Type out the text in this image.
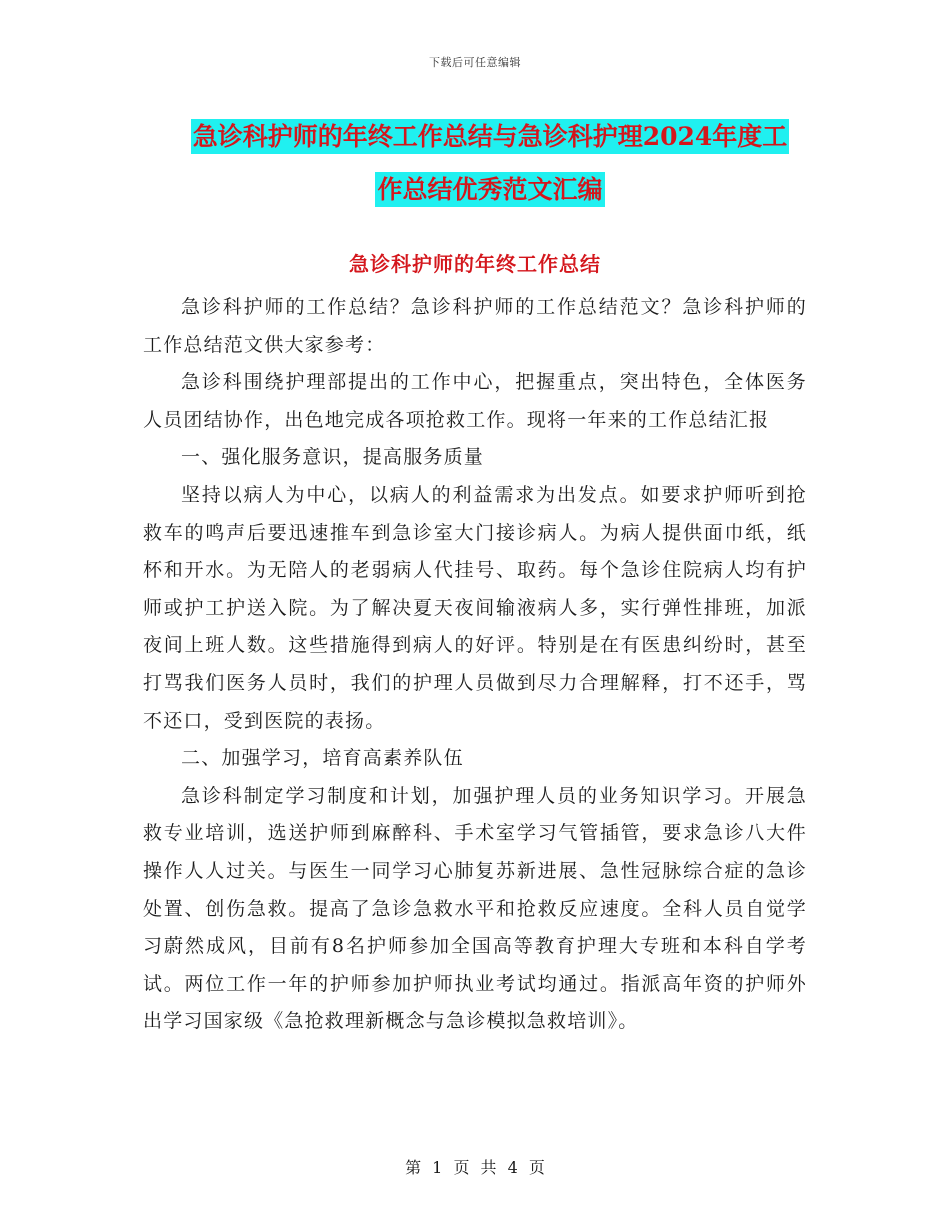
下载后可任意编辑
急诊科护师的年终工作总结与急诊科护理2024年度工
作总结优秀范文汇编
急诊科护师的年终工作总结

急诊科护师的工作总结？急诊科护师的工作总结范文？急诊科护师的工作总结范文供大家参考：

急诊科围绕护理部提出的工作中心，把握重点，突出特色，全体医务人员团结协作，出色地完成各项抢救工作。现将一年来的工作总结汇报

一、强化服务意识，提高服务质量

坚持以病人为中心，以病人的利益需求为出发点。如要求护师听到抢救车的鸣声后要迅速推车到急诊室大门接诊病人。为病人提供面巾纸，纸杯和开水。为无陪人的老弱病人代挂号、取药。每个急诊住院病人均有护师或护工护送入院。为了解决夏天夜间输液病人多，实行弹性排班，加派夜间上班人数。这些措施得到病人的好评。特别是在有医患纠纷时，甚至打骂我们医务人员时，我们的护理人员做到尽力合理解释，打不还手，骂不还口，受到医院的表扬。

二、加强学习，培育高素养队伍

急诊科制定学习制度和计划，加强护理人员的业务知识学习。开展急救专业培训，选送护师到麻醉科、手术室学习气管插管，要求急诊八大件操作人人过关。与医生一同学习心肺复苏新进展、急性冠脉综合症的急诊处置、创伤急救。提高了急诊急救水平和抢救反应速度。全科人员自觉学习蔚然成风，目前有8名护师参加全国高等教育护理大专班和本科自学考试。两位工作一年的护师参加护师执业考试均通过。指派高年资的护师外出学习国家级《急抢救理新概念与急诊模拟急救培训》。

第 1 页 共 4 页
